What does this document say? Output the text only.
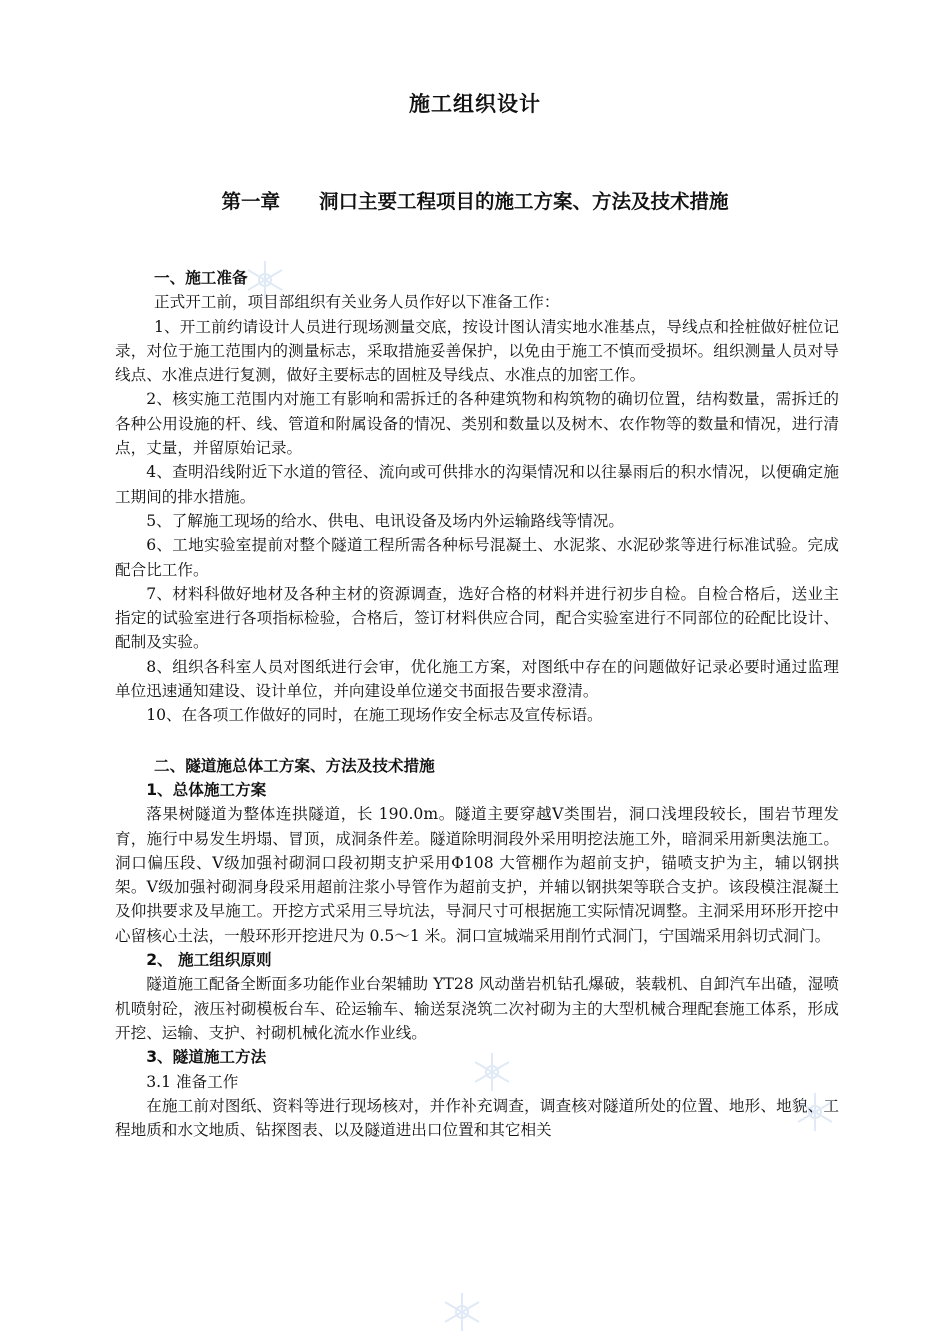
施工组织设计
第一章　　洞口主要工程项目的施工方案、方法及技术措施

一、施工准备

正式开工前，项目部组织有关业务人员作好以下准备工作：

1、开工前约请设计人员进行现场测量交底，按设计图认清实地水准基点，导线点和拴桩做好桩位记录，对位于施工范围内的测量标志，采取措施妥善保护，以免由于施工不慎而受损坏。组织测量人员对导线点、水准点进行复测，做好主要标志的固桩及导线点、水准点的加密工作。

2、核实施工范围内对施工有影响和需拆迁的各种建筑物和构筑物的确切位置，结构数量，需拆迁的各种公用设施的杆、线、管道和附属设备的情况、类别和数量以及树木、农作物等的数量和情况，进行清点，丈量，并留原始记录。

4、查明沿线附近下水道的管径、流向或可供排水的沟渠情况和以往暴雨后的积水情况，以便确定施工期间的排水措施。

5、了解施工现场的给水、供电、电讯设备及场内外运输路线等情况。

6、工地实验室提前对整个隧道工程所需各种标号混凝土、水泥浆、水泥砂浆等进行标准试验。完成配合比工作。

7、材料科做好地材及各种主材的资源调查，选好合格的材料并进行初步自检。自检合格后，送业主指定的试验室进行各项指标检验，合格后，签订材料供应合同，配合实验室进行不同部位的砼配比设计、配制及实验。

8、组织各科室人员对图纸进行会审，优化施工方案，对图纸中存在的问题做好记录必要时通过监理单位迅速通知建设、设计单位，并向建设单位递交书面报告要求澄清。

10、在各项工作做好的同时，在施工现场作安全标志及宣传标语。

二、隧道施总体工方案、方法及技术措施

1、总体施工方案

落果树隧道为整体连拱隧道，长 190.0m。隧道主要穿越Ⅴ类围岩，洞口浅埋段较长，围岩节理发育，施行中易发生坍塌、冒顶，成洞条件差。隧道除明洞段外采用明挖法施工外，暗洞采用新奥法施工。洞口偏压段、Ⅴ级加强衬砌洞口段初期支护采用Φ108 大管棚作为超前支护，锚喷支护为主，辅以钢拱架。Ⅴ级加强衬砌洞身段采用超前注浆小导管作为超前支护，并辅以钢拱架等联合支护。该段模注混凝土及仰拱要求及早施工。开挖方式采用三导坑法，导洞尺寸可根据施工实际情况调整。主洞采用环形开挖中心留核心土法，一般环形开挖进尺为 0.5～1 米。洞口宣城端采用削竹式洞门，宁国端采用斜切式洞门。

2、 施工组织原则

隧道施工配备全断面多功能作业台架辅助 YT28 风动凿岩机钻孔爆破，装载机、自卸汽车出碴，湿喷机喷射砼，液压衬砌模板台车、砼运输车、输送泵浇筑二次衬砌为主的大型机械合理配套施工体系，形成开挖、运输、支护、衬砌机械化流水作业线。

3、隧道施工方法

3.1 准备工作

在施工前对图纸、资料等进行现场核对，并作补充调查，调查核对隧道所处的位置、地形、地貌、工程地质和水文地质、钻探图表、以及隧道进出口位置和其它相关
